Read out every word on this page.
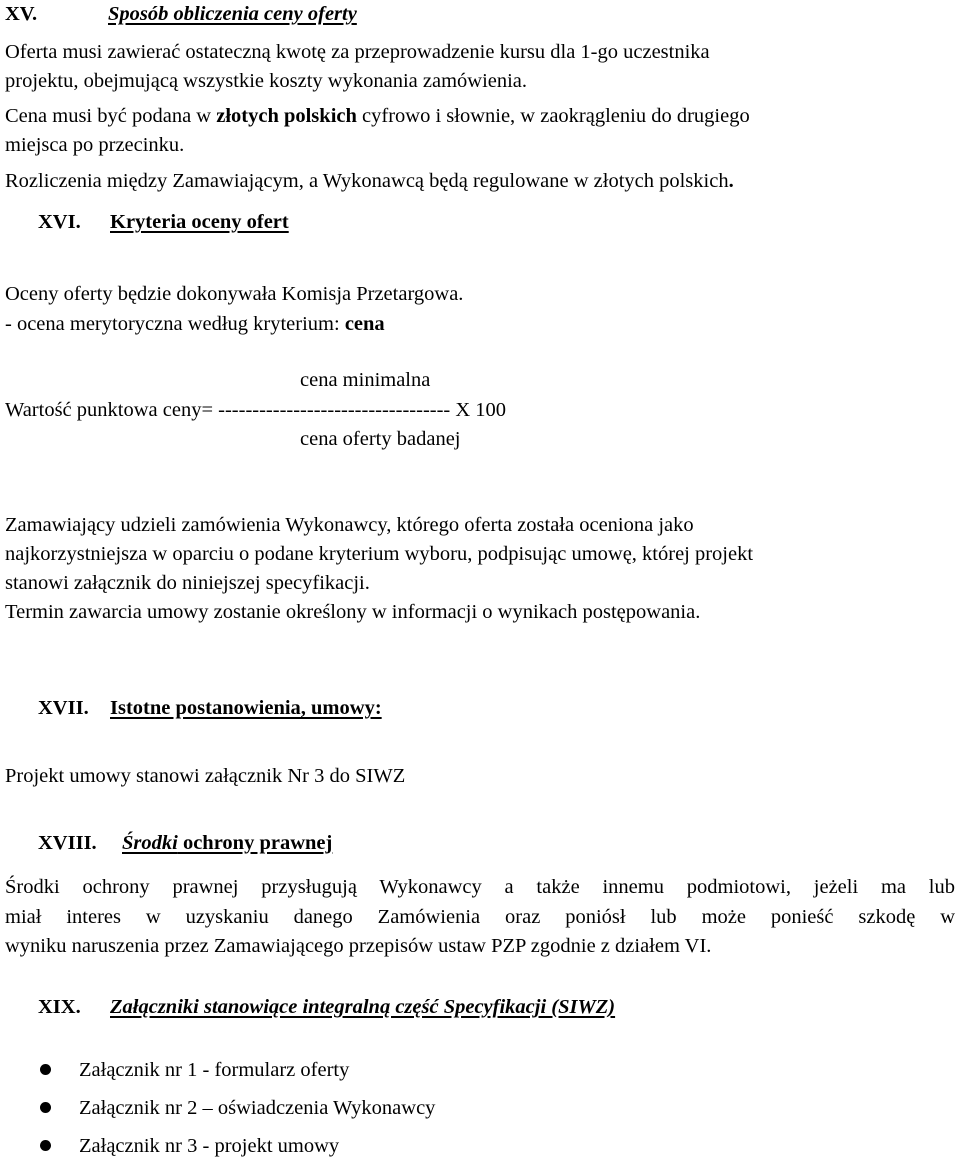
XV.	Sposób obliczenia ceny oferty
Oferta musi zawierać ostateczną kwotę za przeprowadzenie kursu dla 1-go uczestnika
projektu, obejmującą wszystkie koszty wykonania zamówienia.
Cena musi być podana w złotych polskich cyfrowo i słownie, w zaokrągleniu do drugiego
miejsca po przecinku.
Rozliczenia między Zamawiającym, a Wykonawcą będą regulowane w złotych polskich.
XVI. Kryteria oceny ofert
Oceny oferty będzie dokonywała Komisja Przetargowa.
- ocena merytoryczna według kryterium: cena
cena minimalna
Wartość punktowa ceny= ---------------------------------- X 100
cena oferty badanej
Zamawiający udzieli zamówienia Wykonawcy, którego oferta została oceniona jako
najkorzystniejsza w oparciu o podane kryterium wyboru, podpisując umowę, której projekt
stanowi załącznik do niniejszej specyfikacji.
Termin zawarcia umowy zostanie określony w informacji o wynikach postępowania.
XVII. Istotne postanowienia, umowy:
Projekt umowy stanowi załącznik Nr 3 do SIWZ
XVIII. Środki ochrony prawnej
Środki ochrony prawnej przysługują Wykonawcy a także innemu podmiotowi, jeżeli ma lub
miał interes w uzyskaniu danego Zamówienia oraz poniósł lub może ponieść szkodę w
wyniku naruszenia przez Zamawiającego przepisów ustaw PZP zgodnie z działem VI.
XIX. Załączniki stanowiące integralną część Specyfikacji (SIWZ)
Załącznik nr 1 - formularz oferty
Załącznik nr 2 – oświadczenia Wykonawcy
Załącznik nr 3 - projekt umowy
